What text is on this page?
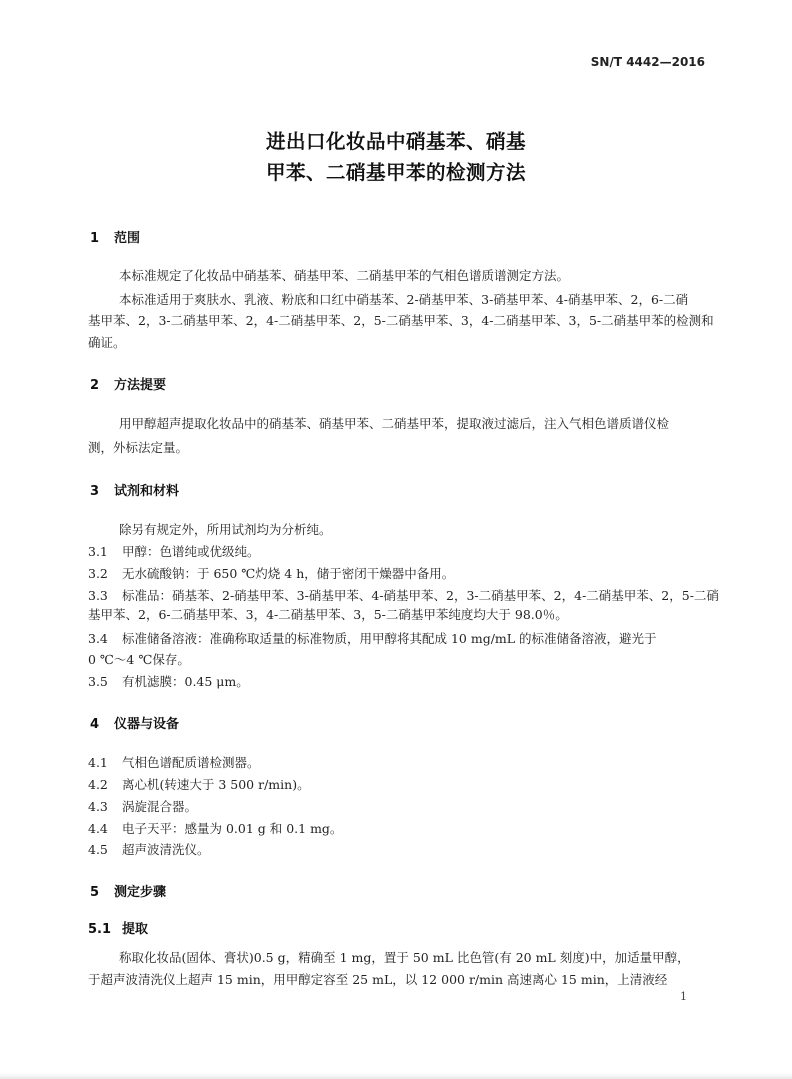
SN/T 4442—2016
进出口化妆品中硝基苯、硝基
甲苯、二硝基甲苯的检测方法
1 范围
本标准规定了化妆品中硝基苯、硝基甲苯、二硝基甲苯的气相色谱质谱测定方法。
本标准适用于爽肤水、乳液、粉底和口红中硝基苯、2-硝基甲苯、3-硝基甲苯、4-硝基甲苯、2，6-二硝
基甲苯、2，3-二硝基甲苯、2，4-二硝基甲苯、2，5-二硝基甲苯、3，4-二硝基甲苯、3，5-二硝基甲苯的检测和
确证。
2 方法提要
用甲醇超声提取化妆品中的硝基苯、硝基甲苯、二硝基甲苯，提取液过滤后，注入气相色谱质谱仪检
测，外标法定量。
3 试剂和材料
除另有规定外，所用试剂均为分析纯。
3.1 甲醇：色谱纯或优级纯。
3.2 无水硫酸钠：于 650 ℃灼烧 4 h，储于密闭干燥器中备用。
3.3 标准品：硝基苯、2-硝基甲苯、3-硝基甲苯、4-硝基甲苯、2，3-二硝基甲苯、2，4-二硝基甲苯、2，5-二硝
基甲苯、2，6-二硝基甲苯、3，4-二硝基甲苯、3，5-二硝基甲苯纯度均大于 98.0％。
3.4 标准储备溶液：准确称取适量的标准物质，用甲醇将其配成 10 mg/mL 的标准储备溶液，避光于
0 ℃～4 ℃保存。
3.5 有机滤膜：0.45 μm。
4 仪器与设备
4.1 气相色谱配质谱检测器。
4.2 离心机(转速大于 3 500 r/min)。
4.3 涡旋混合器。
4.4 电子天平：感量为 0.01 g 和 0.1 mg。
4.5 超声波清洗仪。
5 测定步骤
5.1 提取
称取化妆品(固体、膏状)0.5 g，精确至 1 mg，置于 50 mL 比色管(有 20 mL 刻度)中，加适量甲醇，
于超声波清洗仪上超声 15 min，用甲醇定容至 25 mL，以 12 000 r/min 高速离心 15 min，上清液经
1
